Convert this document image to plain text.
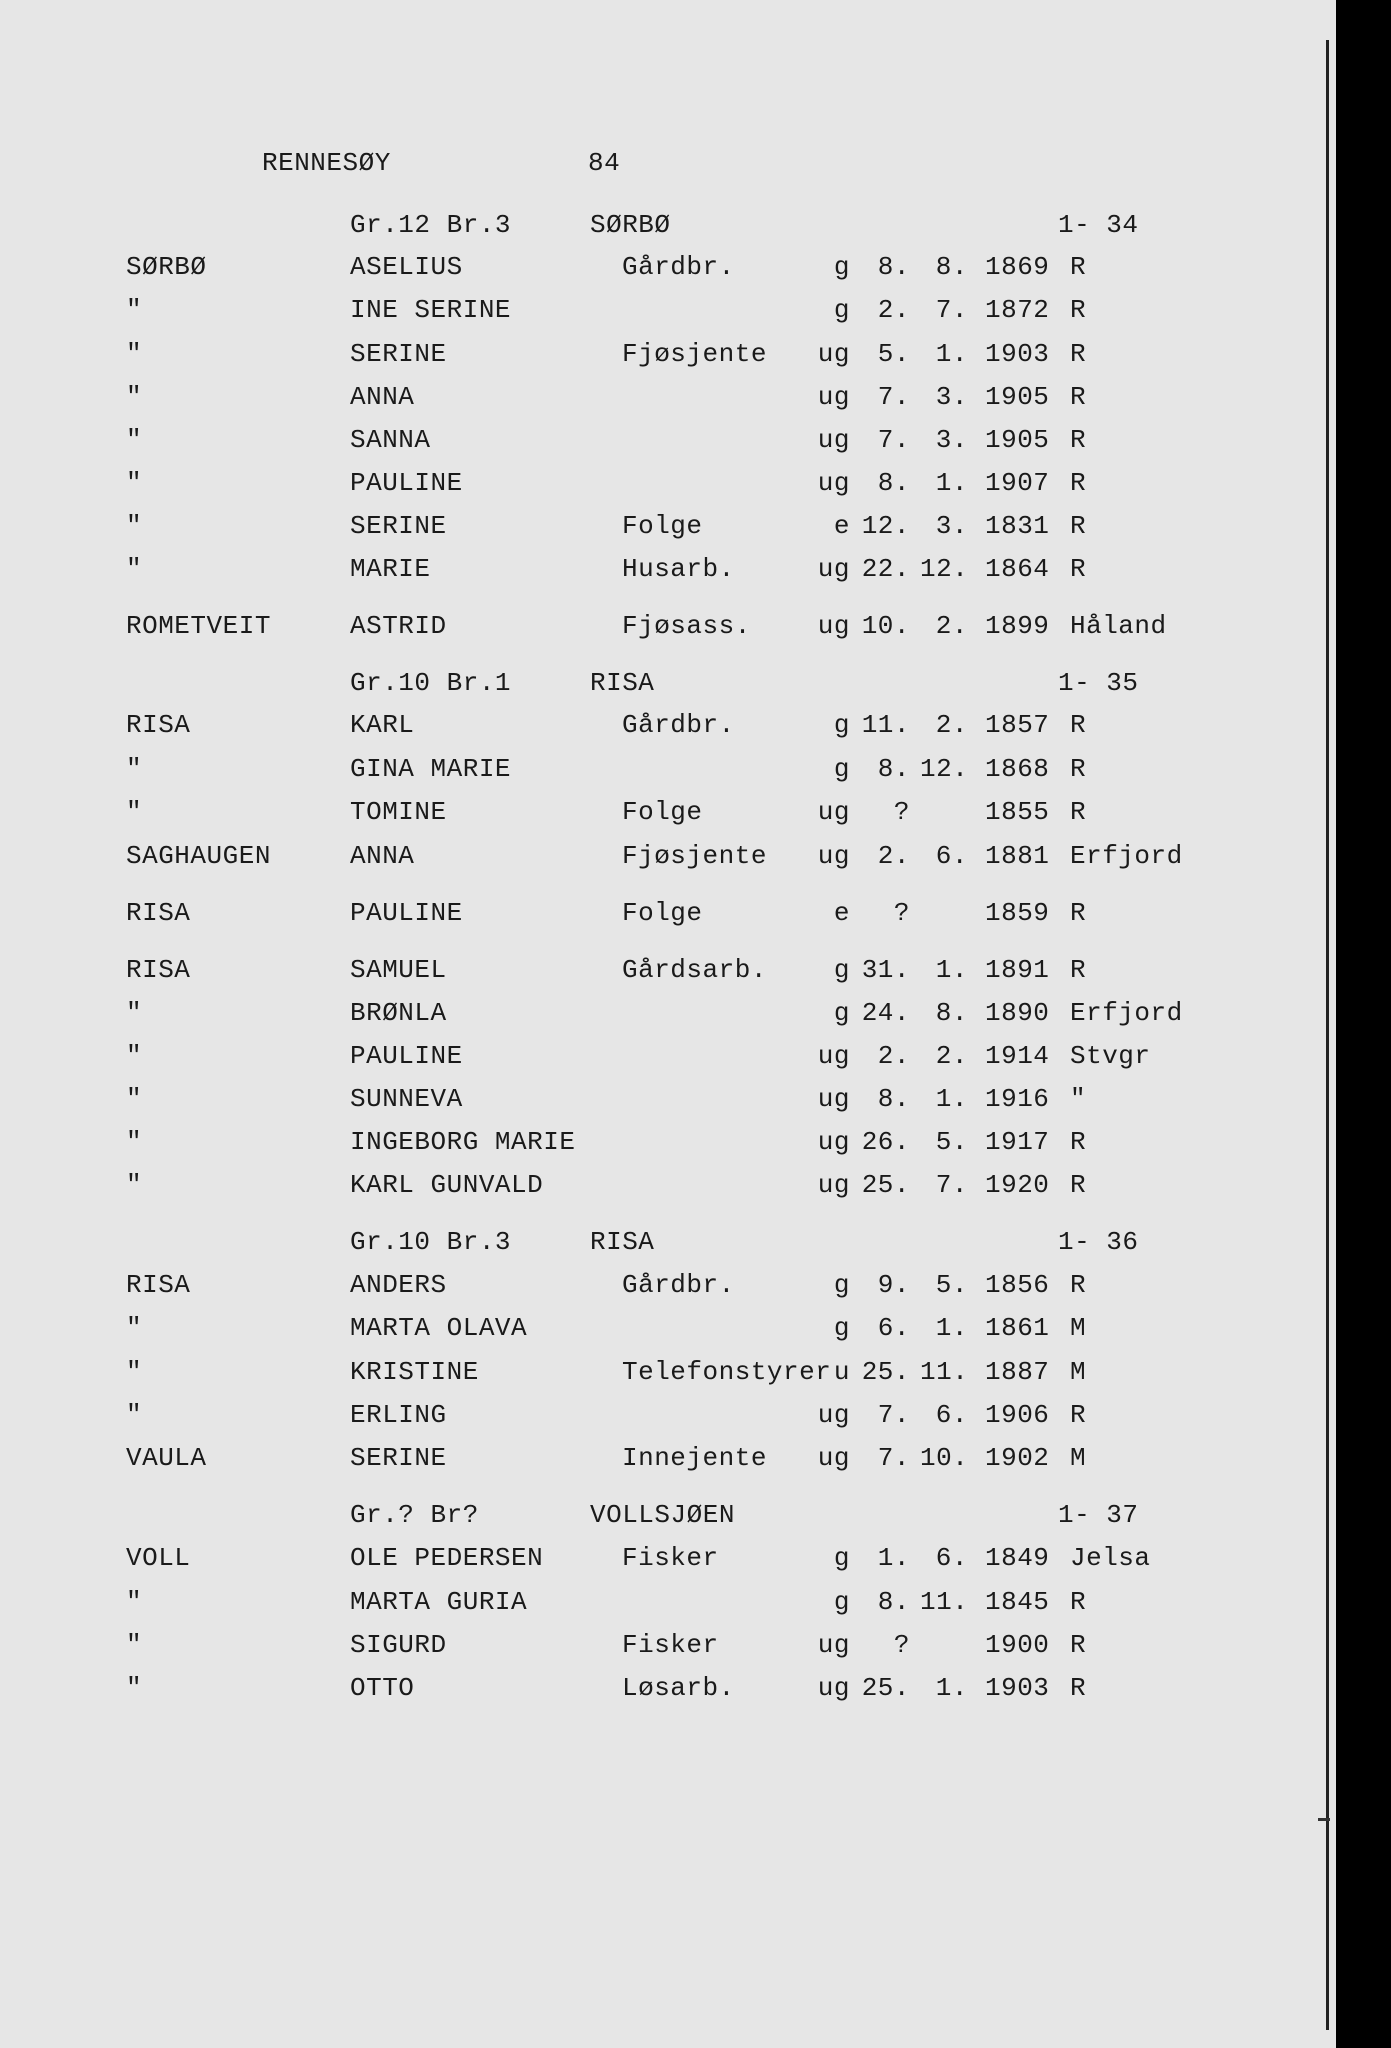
RENNESØY	84
Gr.12 Br.3	SØRBØ	1- 34
SØRBØ	ASELIUS	Gårdbr.	g	8. 8. 1869 R
"	INE SERINE	g	2. 7. 1872 R
"	SERINE	Fjøsjente ug	5. 1. 1903 R
"	ANNA	ug	7. 3. 1905 R
"	SANNA	ug	7. 3. 1905 R
"	PAULINE	ug	8. 1. 1907 R
"	SERINE	Folge	e 12. 3. 1831 R
"	MARIE	Husarb.	ug 22. 12. 1864 R
ROMETVEIT	ASTRID	Fjøsass.	ug 10. 2. 1899 Håland
Gr.10 Br.1	RISA	1- 35
RISA	KARL	Gårdbr.	g 11. 2. 1857 R
"	GINA MARIE	g	8. 12. 1868 R
"	TOMINE	Folge	ug	?	1855 R
SAGHAUGEN	ANNA	Fjøsjente ug	2. 6. 1881 Erfjord
RISA	PAULINE	Folge	e	?	1859 R
RISA	SAMUEL	Gårdsarb.	g 31. 1. 1891 R
"	BRØNLA	g 24. 8. 1890 Erfjord
"	PAULINE	ug	2. 2. 1914 Stvgr
"	SUNNEVA	ug	8. 1. 1916 "
"	INGEBORG MARIE	ug 26. 5. 1917 R
"	KARL GUNVALD	ug 25. 7. 1920 R
Gr.10 Br.3	RISA	1- 36
RISA	ANDERS	Gårdbr.	g	9. 5. 1856 R
"	MARTA OLAVA	g	6. 1. 1861 M
"	KRISTINE	Telefonstyrer u 25. 11. 1887 M
"	ERLING	ug	7. 6. 1906 R
VAULA	SERINE	Innejente ug	7. 10. 1902 M
Gr.? Br?	VOLLSJØEN	1- 37
VOLL	OLE PEDERSEN	Fisker	g	1. 6. 1849 Jelsa
"	MARTA GURIA	g	8. 11. 1845 R
"	SIGURD	Fisker	ug	?	1900 R
"	OTTO	Løsarb.	ug 25. 1. 1903 R
